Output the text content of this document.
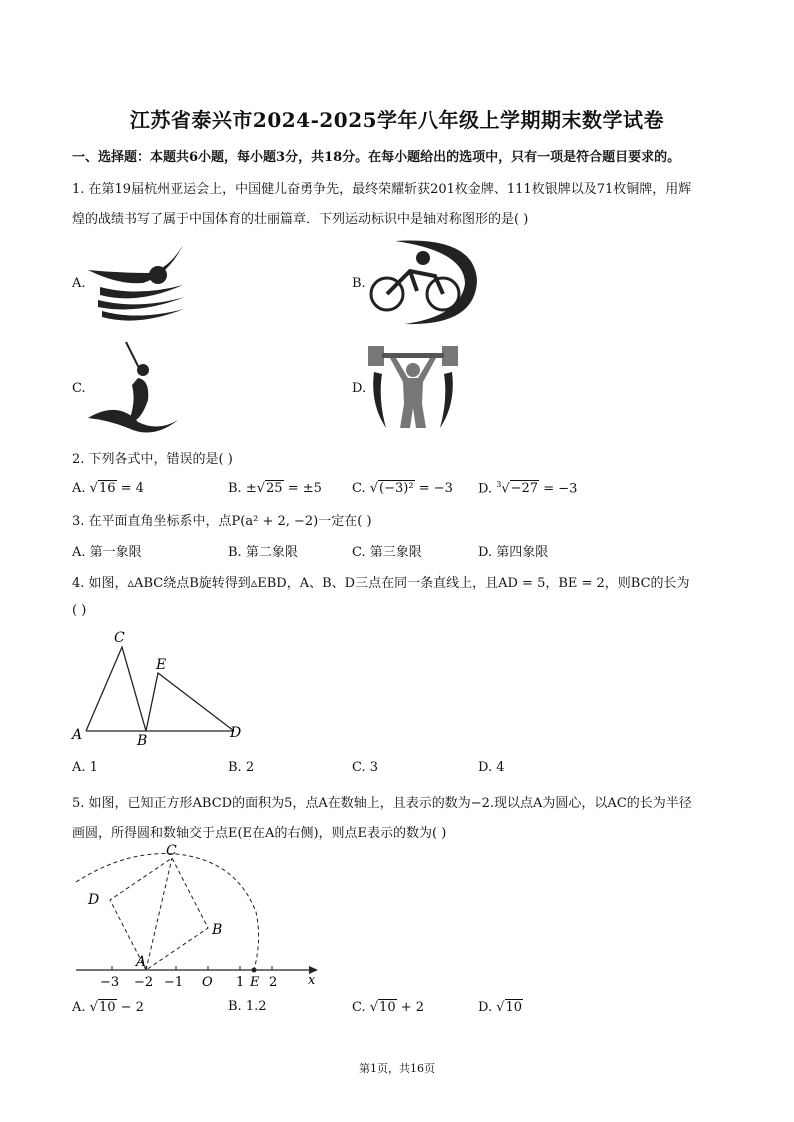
江苏省泰兴市2024-2025学年八年级上学期期末数学试卷
一、选择题：本题共6小题，每小题3分，共18分。在每小题给出的选项中，只有一项是符合题目要求的。
1. 在第19届杭州亚运会上，中国健儿奋勇争先，最终荣耀斩获201枚金牌、111枚银牌以及71枚铜牌，用辉
煌的战绩书写了属于中国体育的壮丽篇章．下列运动标识中是轴对称图形的是( )
A.	B.
C.	D.
2. 下列各式中，错误的是( )
A. √16 = 4	B. ±√25 = ±5 C. √(−3)² = −3 D. $^3$√−27 = −3
3. 在平面直角坐标系中，点P(a² + 2, −2)一定在( )
A. 第一象限	B. 第二象限	C. 第三象限	D. 第四象限
4. 如图，▵ABC绕点B旋转得到▵EBD，A、B、D三点在同一条直线上，且AD = 5，BE = 2，则BC的长为
( )
C
E
A	B	D
A. 1	B. 2	C. 3	D. 4
5. 如图，已知正方形ABCD的面积为5，点A在数轴上，且表示的数为−2.现以点A为圆心，以AC的长为半径
画圆，所得圆和数轴交于点E(E在A的右侧)，则点E表示的数为( )
C
D
B
A
−3 −2 −1 O 1 E 2 x
A. √10 − 2	B. 1.2	C. √10 + 2	D. √10
第1页，共16页
